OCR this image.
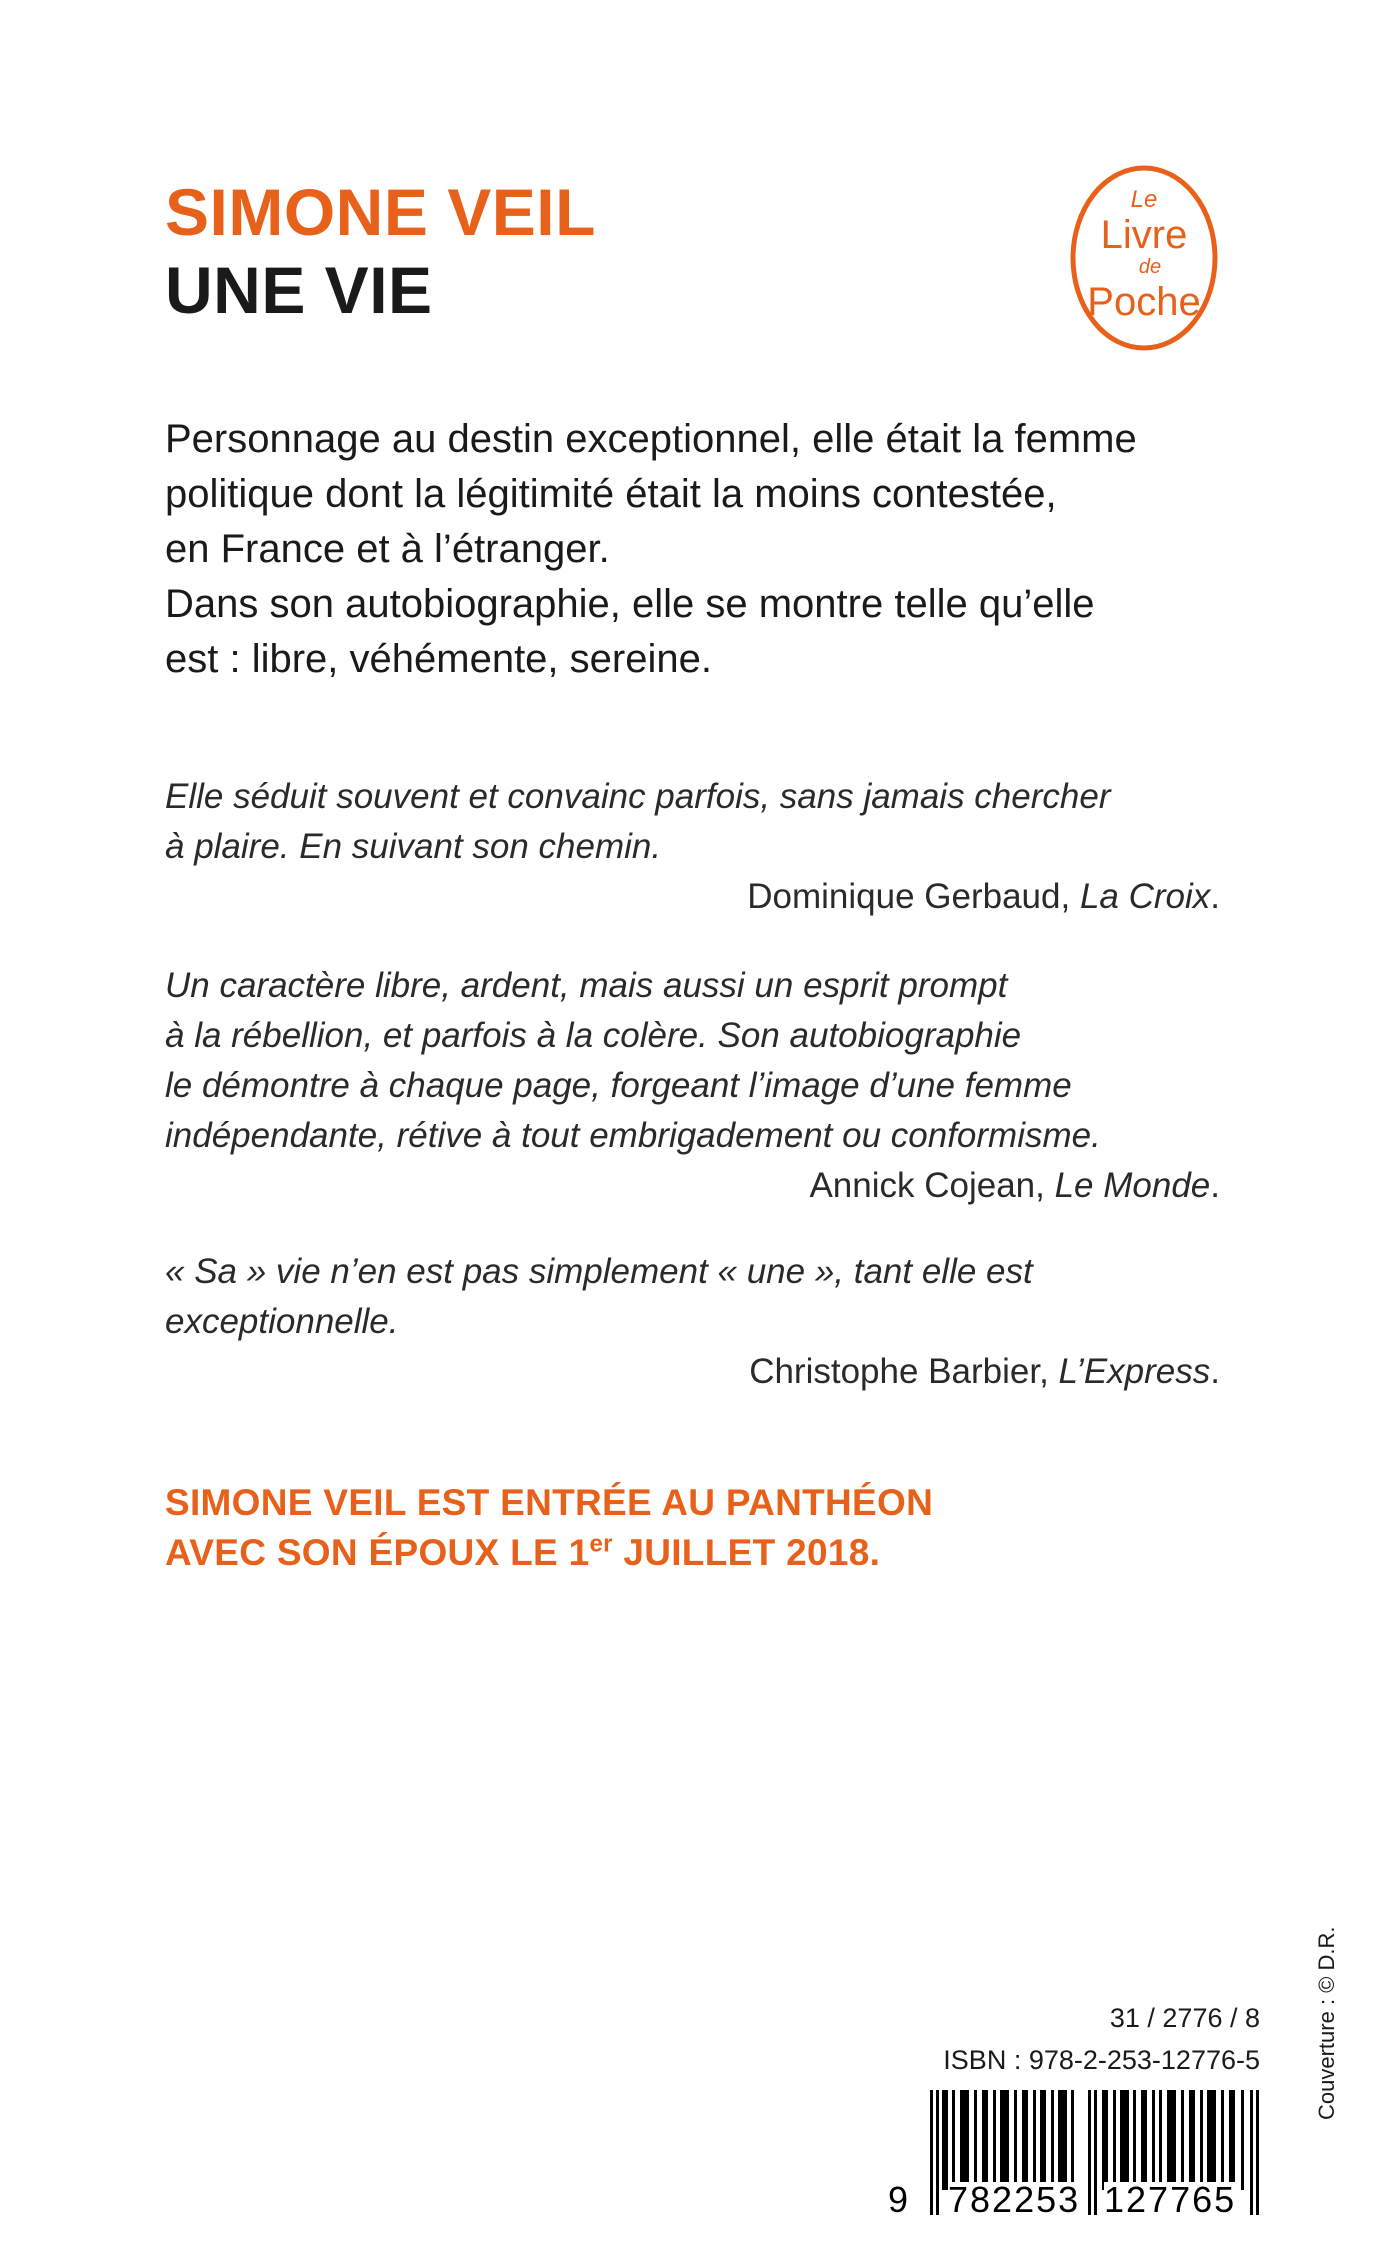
SIMONE VEIL
UNE VIE
Le
Livre
de
Poche
Personnage au destin exceptionnel, elle était la femme
politique dont la légitimité était la moins contestée,
en France et à l’étranger.
Dans son autobiographie, elle se montre telle qu’elle
est : libre, véhémente, sereine.
Elle séduit souvent et convainc parfois, sans jamais chercher
à plaire. En suivant son chemin.
Dominique Gerbaud, La Croix.
Un caractère libre, ardent, mais aussi un esprit prompt
à la rébellion, et parfois à la colère. Son autobiographie
le démontre à chaque page, forgeant l’image d’une femme
indépendante, rétive à tout embrigadement ou conformisme.
Annick Cojean, Le Monde.
« Sa » vie n’en est pas simplement « une », tant elle est
exceptionnelle.
Christophe Barbier, L’Express.
SIMONE VEIL EST ENTRÉE AU PANTHÉON
AVEC SON ÉPOUX LE 1er JUILLET 2018.
Couverture : © D.R.
31 / 2776 / 8
ISBN : 978-2-253-12776-5
9 782253 127765
